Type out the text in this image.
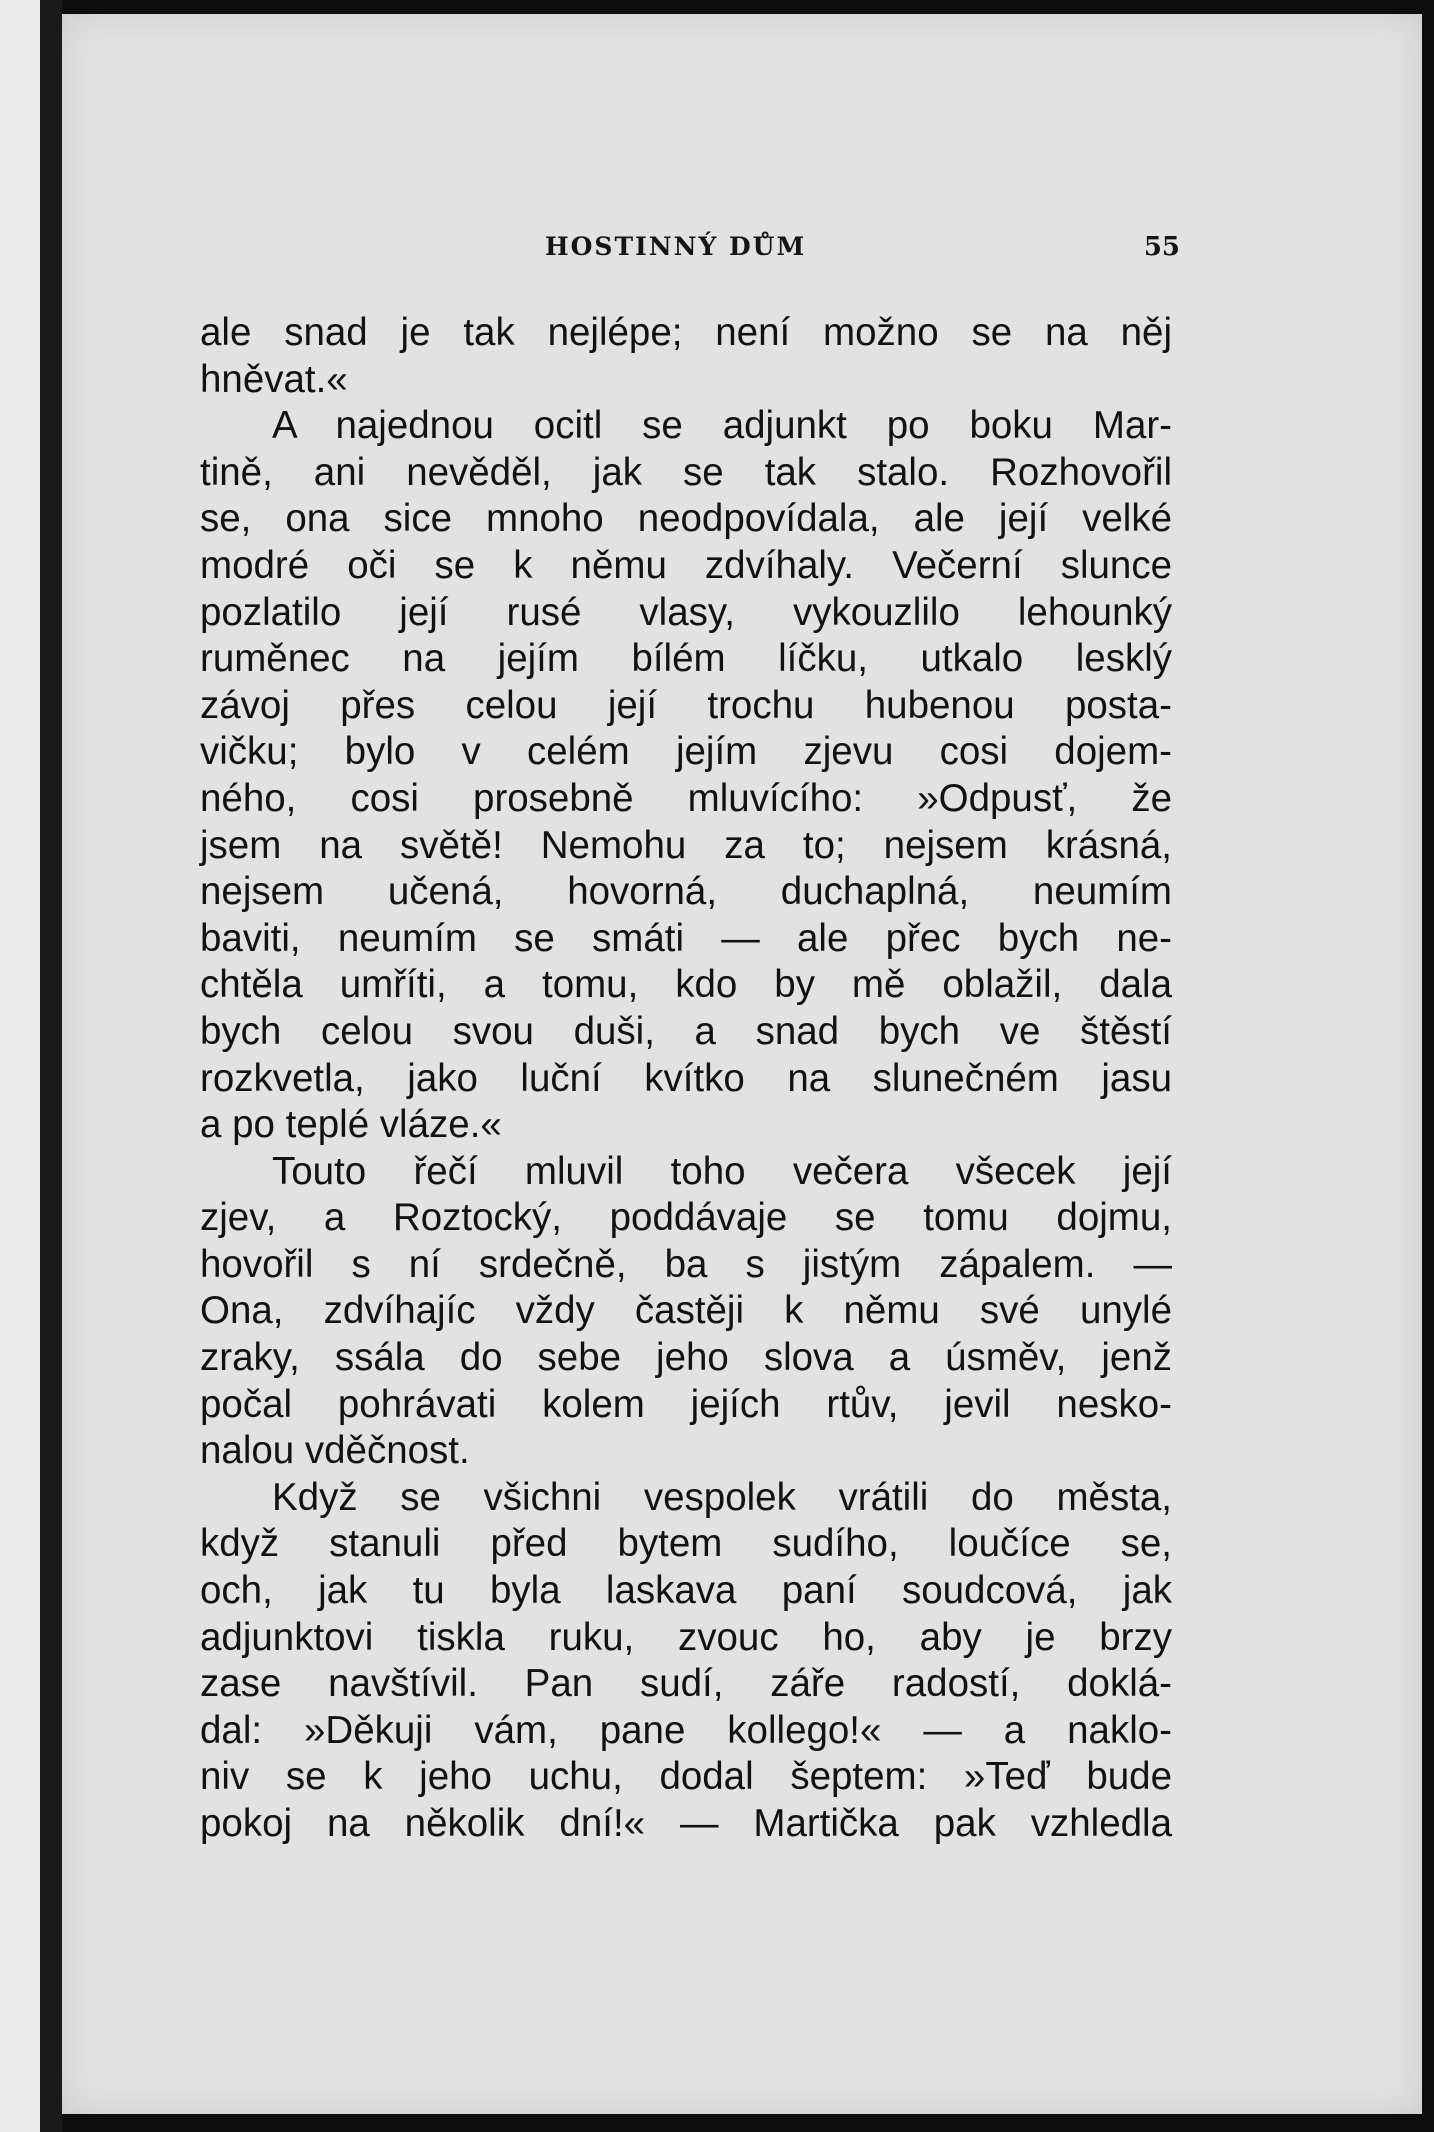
HOSTINNÝ DŮM	55
ale snad je tak nejlépe; není možno se na něj
hněvat.«
A najednou ocitl se adjunkt po boku Mar-
tině, ani nevěděl, jak se tak stalo. Rozhovořil
se, ona sice mnoho neodpovídala, ale její velké
modré oči se k němu zdvíhaly. Večerní slunce
pozlatilo její rusé vlasy, vykouzlilo lehounký
ruměnec na jejím bílém líčku, utkalo lesklý
závoj přes celou její trochu hubenou posta-
vičku; bylo v celém jejím zjevu cosi dojem-
ného, cosi prosebně mluvícího: »Odpusť, že
jsem na světě! Nemohu za to; nejsem krásná,
nejsem učená, hovorná, duchaplná, neumím
baviti, neumím se smáti — ale přec bych ne-
chtěla umříti, a tomu, kdo by mě oblažil, dala
bych celou svou duši, a snad bych ve štěstí
rozkvetla, jako luční kvítko na slunečném jasu
a po teplé vláze.«
Touto řečí mluvil toho večera všecek její
zjev, a Roztocký, poddávaje se tomu dojmu,
hovořil s ní srdečně, ba s jistým zápalem. —
Ona, zdvíhajíc vždy častěji k němu své unylé
zraky, ssála do sebe jeho slova a úsměv, jenž
počal pohrávati kolem jejích rtův, jevil nesko-
nalou vděčnost.
Když se všichni vespolek vrátili do města,
když stanuli před bytem sudího, loučíce se,
och, jak tu byla laskava paní soudcová, jak
adjunktovi tiskla ruku, zvouc ho, aby je brzy
zase navštívil. Pan sudí, záře radostí, doklá-
dal: »Děkuji vám, pane kollego!« — a naklo-
niv se k jeho uchu, dodal šeptem: »Teď bude
pokoj na několik dní!« — Martička pak vzhledla
